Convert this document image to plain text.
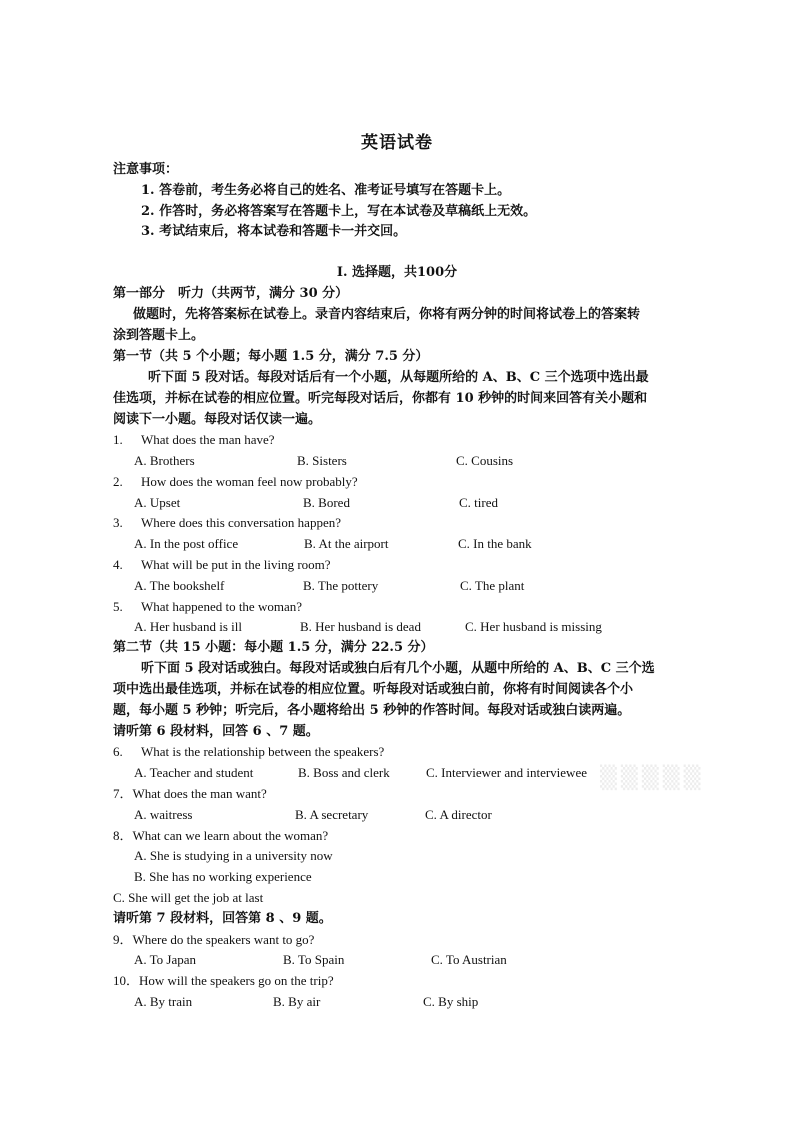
英语试卷
注意事项：
1. 答卷前，考生务必将自己的姓名、准考证号填写在答题卡上。
2. 作答时，务必将答案写在答题卡上，写在本试卷及草稿纸上无效。
3. 考试结束后，将本试卷和答题卡一并交回。
I. 选择题，共100分
第一部分　听力（共两节，满分 30 分）
做题时，先将答案标在试卷上。录音内容结束后，你将有两分钟的时间将试卷上的答案转
涂到答题卡上。
第一节（共 5 个小题；每小题 1.5 分，满分 7.5 分）
听下面 5 段对话。每段对话后有一个小题，从每题所给的 A、B、C 三个选项中选出最
佳选项，并标在试卷的相应位置。听完每段对话后，你都有 10 秒钟的时间来回答有关小题和
阅读下一小题。每段对话仅读一遍。
1. What does the man have?
A. Brothers	B. Sisters	C. Cousins
2. How does the woman feel now probably?
A. Upset	B. Bored	C. tired
3. Where does this conversation happen?
A. In the post office	B. At the airport	C. In the bank
4. What will be put in the living room?
A. The bookshelf	B. The pottery	C. The plant
5. What happened to the woman?
A. Her husband is ill	B. Her husband is dead	C. Her husband is missing
第二节（共 15 小题：每小题 1.5 分，满分 22.5 分）
听下面 5 段对话或独白。每段对话或独白后有几个小题，从题中所给的 A、B、C 三个选
项中选出最佳选项，并标在试卷的相应位置。听每段对话或独白前，你将有时间阅读各个小
题，每小题 5 秒钟；听完后，各小题将给出 5 秒钟的作答时间。每段对话或独白读两遍。
请听第 6 段材料，回答 6 、7 题。
6. What is the relationship between the speakers?
A. Teacher and student	B. Boss and clerk	C. Interviewer and interviewee
7．What does the man want?
A. waitress	B. A secretary	C. A director
8．What can we learn about the woman?
A. She is studying in a university now
B. She has no working experience
C. She will get the job at last
请听第 7 段材料，回答第 8 、9 题。
9．Where do the speakers want to go?
A. To Japan	B. To Spain	C. To Austrian
10．How will the speakers go on the trip?
A. By train	B. By air	C. By ship
▒▒▒▒▒
